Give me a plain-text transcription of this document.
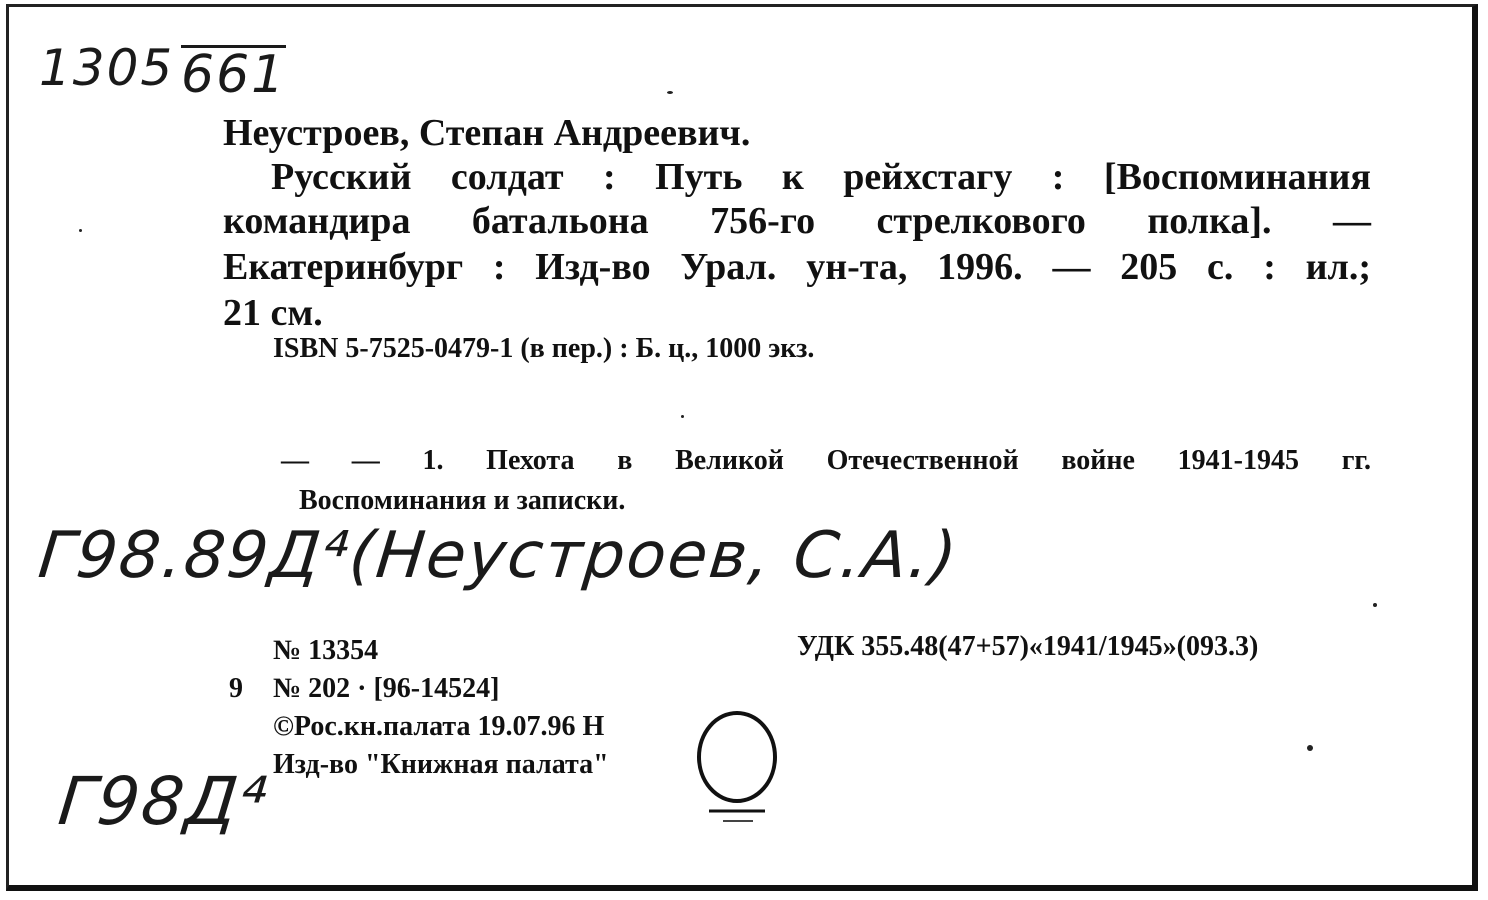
1305 661
Неустроев, Степан Андреевич.
Русский солдат : Путь к рейхстагу : [Воспоминания
командира батальона 756-го стрелкового полка]. —
Екатеринбург : Изд-во Урал. ун-та, 1996. — 205 с. : ил.;
21 см.
ISBN 5-7525-0479-1 (в пер.) : Б. ц., 1000 экз.
— — 1. Пехота в Великой Отечественной войне 1941-1945 гг.
Воспоминания и записки.
Г98.89Д⁴(Неустроев, С.А.)
№ 13354	УДК 355.48(47+57)«1941/1945»(093.3)
9 № 202 · [96-14524]
©Рос.кн.палата 19.07.96 Н
Изд-во "Книжная палата"
Г98Д⁴
